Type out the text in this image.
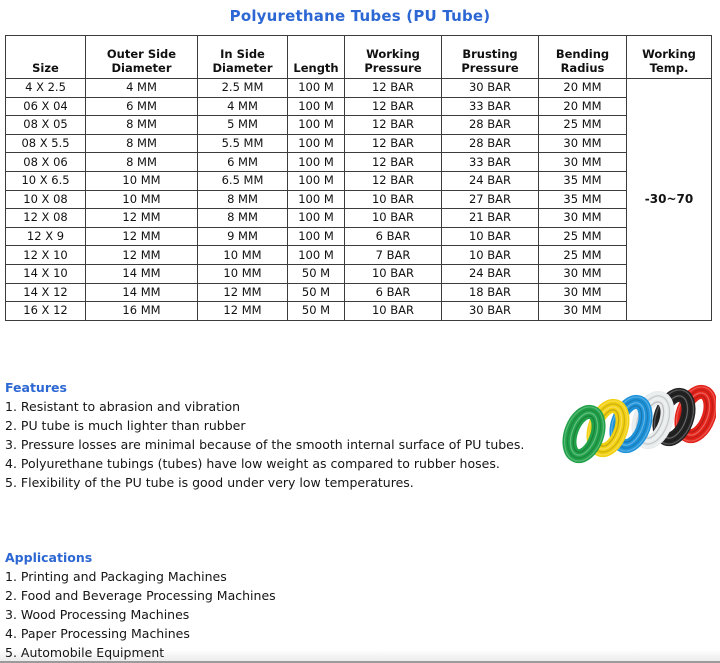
Polyurethane Tubes (PU Tube)
Size	Outer Side Diameter	In Side Diameter	Length	Working Pressure	Brusting Pressure	Bending Radius	Working Temp.
4 X 2.5	4 MM	2.5 MM	100 M	12 BAR	30 BAR	20 MM	-30~70
06 X 04	6 MM	4 MM	100 M	12 BAR	33 BAR	20 MM	
08 X 05	8 MM	5 MM	100 M	12 BAR	28 BAR	25 MM	
08 X 5.5	8 MM	5.5 MM	100 M	12 BAR	28 BAR	30 MM	
08 X 06	8 MM	6 MM	100 M	12 BAR	33 BAR	30 MM	
10 X 6.5	10 MM	6.5 MM	100 M	12 BAR	24 BAR	35 MM	
10 X 08	10 MM	8 MM	100 M	10 BAR	27 BAR	35 MM	
12 X 08	12 MM	8 MM	100 M	10 BAR	21 BAR	30 MM	
12 X 9	12 MM	9 MM	100 M	6 BAR	10 BAR	25 MM	
12 X 10	12 MM	10 MM	100 M	7 BAR	10 BAR	25 MM	
14 X 10	14 MM	10 MM	50 M	10 BAR	24 BAR	30 MM	
14 X 12	14 MM	12 MM	50 M	6 BAR	18 BAR	30 MM	
16 X 12	16 MM	12 MM	50 M	10 BAR	30 BAR	30 MM	
Features
1. Resistant to abrasion and vibration
2. PU tube is much lighter than rubber
3. Pressure losses are minimal because of the smooth internal surface of PU tubes.
4. Polyurethane tubings (tubes) have low weight as compared to rubber hoses.
5. Flexibility of the PU tube is good under very low temperatures.
Applications
1. Printing and Packaging Machines
2. Food and Beverage Processing Machines
3. Wood Processing Machines
4. Paper Processing Machines
5. Automobile Equipment
